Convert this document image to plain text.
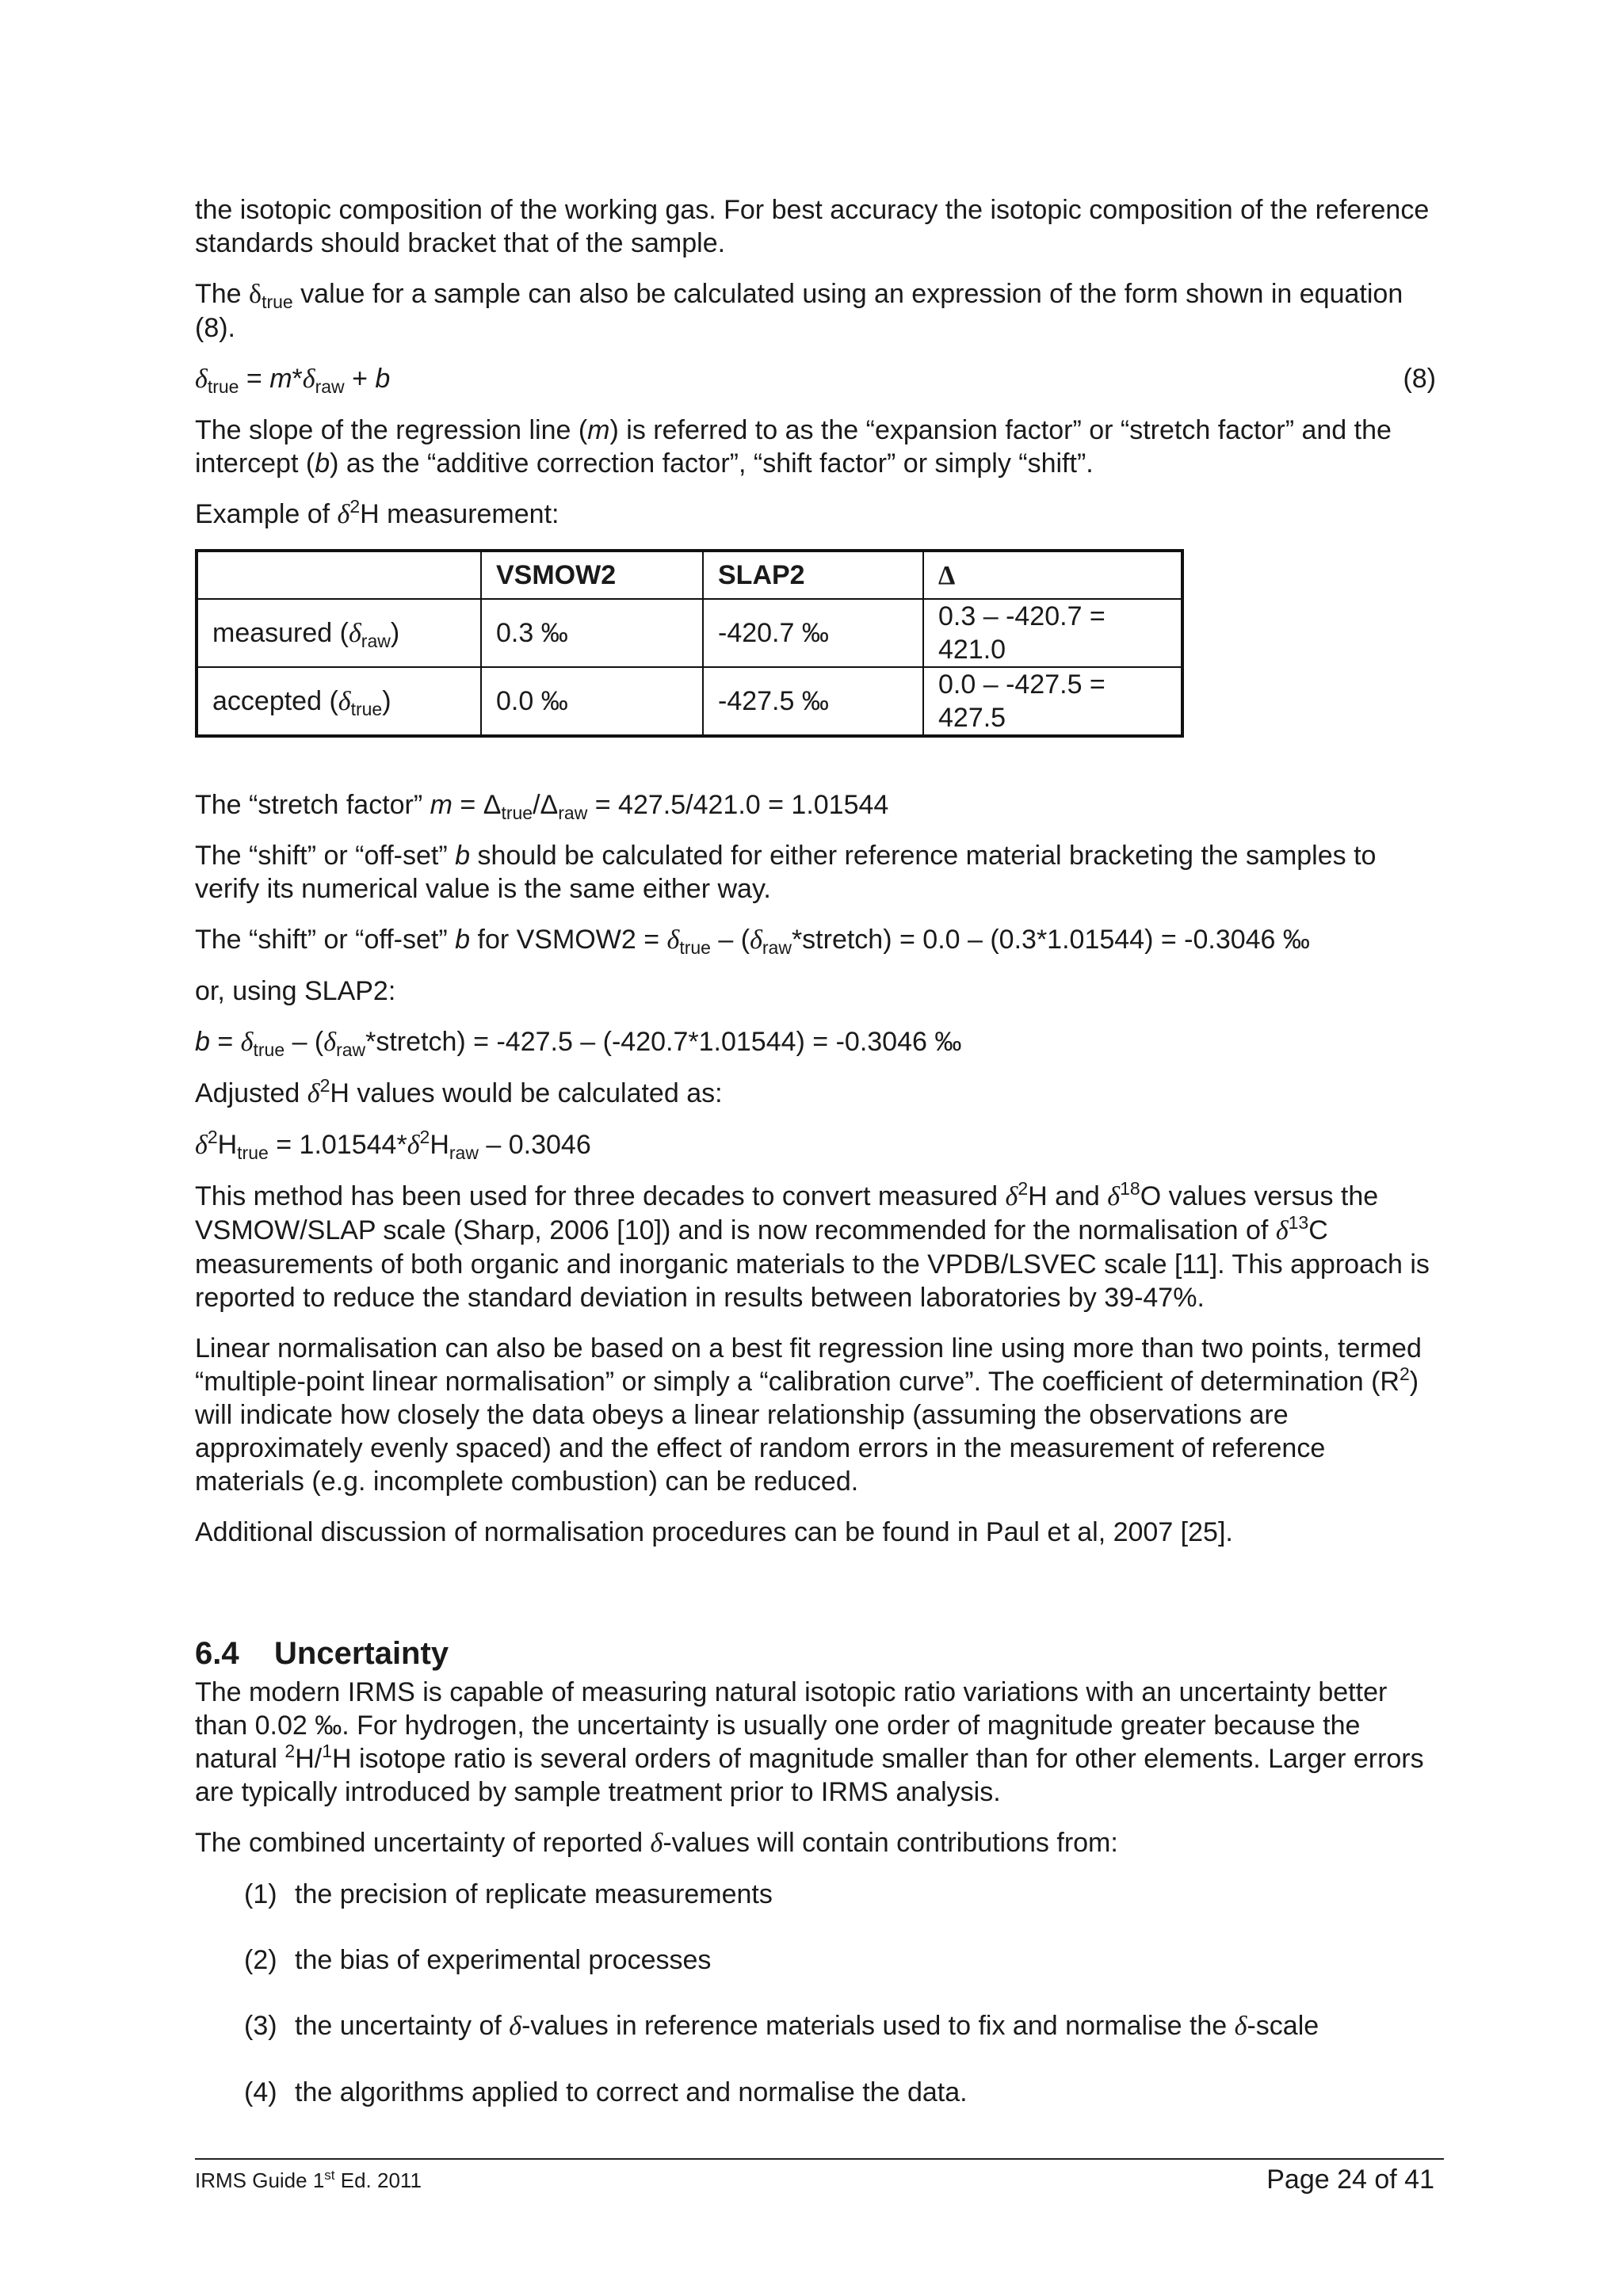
the isotopic composition of the working gas. For best accuracy the isotopic composition of the reference standards should bracket that of the sample.

The $\delta_{true}$ value for a sample can also be calculated using an expression of the form shown in equation (8).

$\delta_{true} = m*\delta_{raw} + b$	(8)

The slope of the regression line (m) is referred to as the “expansion factor” or “stretch factor” and the intercept (b) as the “additive correction factor”, “shift factor” or simply “shift”.

Example of $\delta^2H$ measurement:

	VSMOW2	SLAP2	Δ
measured $(\delta_{raw})$	0.3 ‰	-420.7 ‰	0.3 – -420.7 = 421.0
accepted $(\delta_{true})$	0.0 ‰	-427.5 ‰	0.0 – -427.5 = 427.5

The “stretch factor” $m = \Delta_{true}/\Delta_{raw} = 427.5/421.0 = 1.01544$

The “shift” or “off-set” b should be calculated for either reference material bracketing the samples to verify its numerical value is the same either way.

The “shift” or “off-set” b for VSMOW2 = $\delta_{true}$ – $(\delta_{raw}*stretch) = 0.0 - (0.3*1.01544) = -0.3046$ ‰

or, using SLAP2:

$b = \delta_{true}$ – $(\delta_{raw}*stretch) = -427.5 - (-420.7*1.01544) = -0.3046$ ‰

Adjusted $\delta^2H$ values would be calculated as:

$\delta^2H_{true} = 1.01544*\delta^2H_{raw} - 0.3046$

This method has been used for three decades to convert measured $\delta^2H$ and $\delta^{18}O$ values versus the VSMOW/SLAP scale (Sharp, 2006 [10]) and is now recommended for the normalisation of $\delta^{13}C$ measurements of both organic and inorganic materials to the VPDB/LSVEC scale [11]. This approach is reported to reduce the standard deviation in results between laboratories by 39-47%.

Linear normalisation can also be based on a best fit regression line using more than two points, termed “multiple-point linear normalisation” or simply a “calibration curve”. The coefficient of determination $(R^2)$ will indicate how closely the data obeys a linear relationship (assuming the observations are approximately evenly spaced) and the effect of random errors in the measurement of reference materials (e.g. incomplete combustion) can be reduced.

Additional discussion of normalisation procedures can be found in Paul et al, 2007 [25].

6.4 Uncertainty

The modern IRMS is capable of measuring natural isotopic ratio variations with an uncertainty better than 0.02 ‰. For hydrogen, the uncertainty is usually one order of magnitude greater because the natural $^2$H/$^1$H isotope ratio is several orders of magnitude smaller than for other elements. Larger errors are typically introduced by sample treatment prior to IRMS analysis.

The combined uncertainty of reported δ-values will contain contributions from:

(1) the precision of replicate measurements
(2) the bias of experimental processes
(3) the uncertainty of δ-values in reference materials used to fix and normalise the δ-scale
(4) the algorithms applied to correct and normalise the data.
IRMS Guide 1st Ed. 2011	Page 24 of 41
